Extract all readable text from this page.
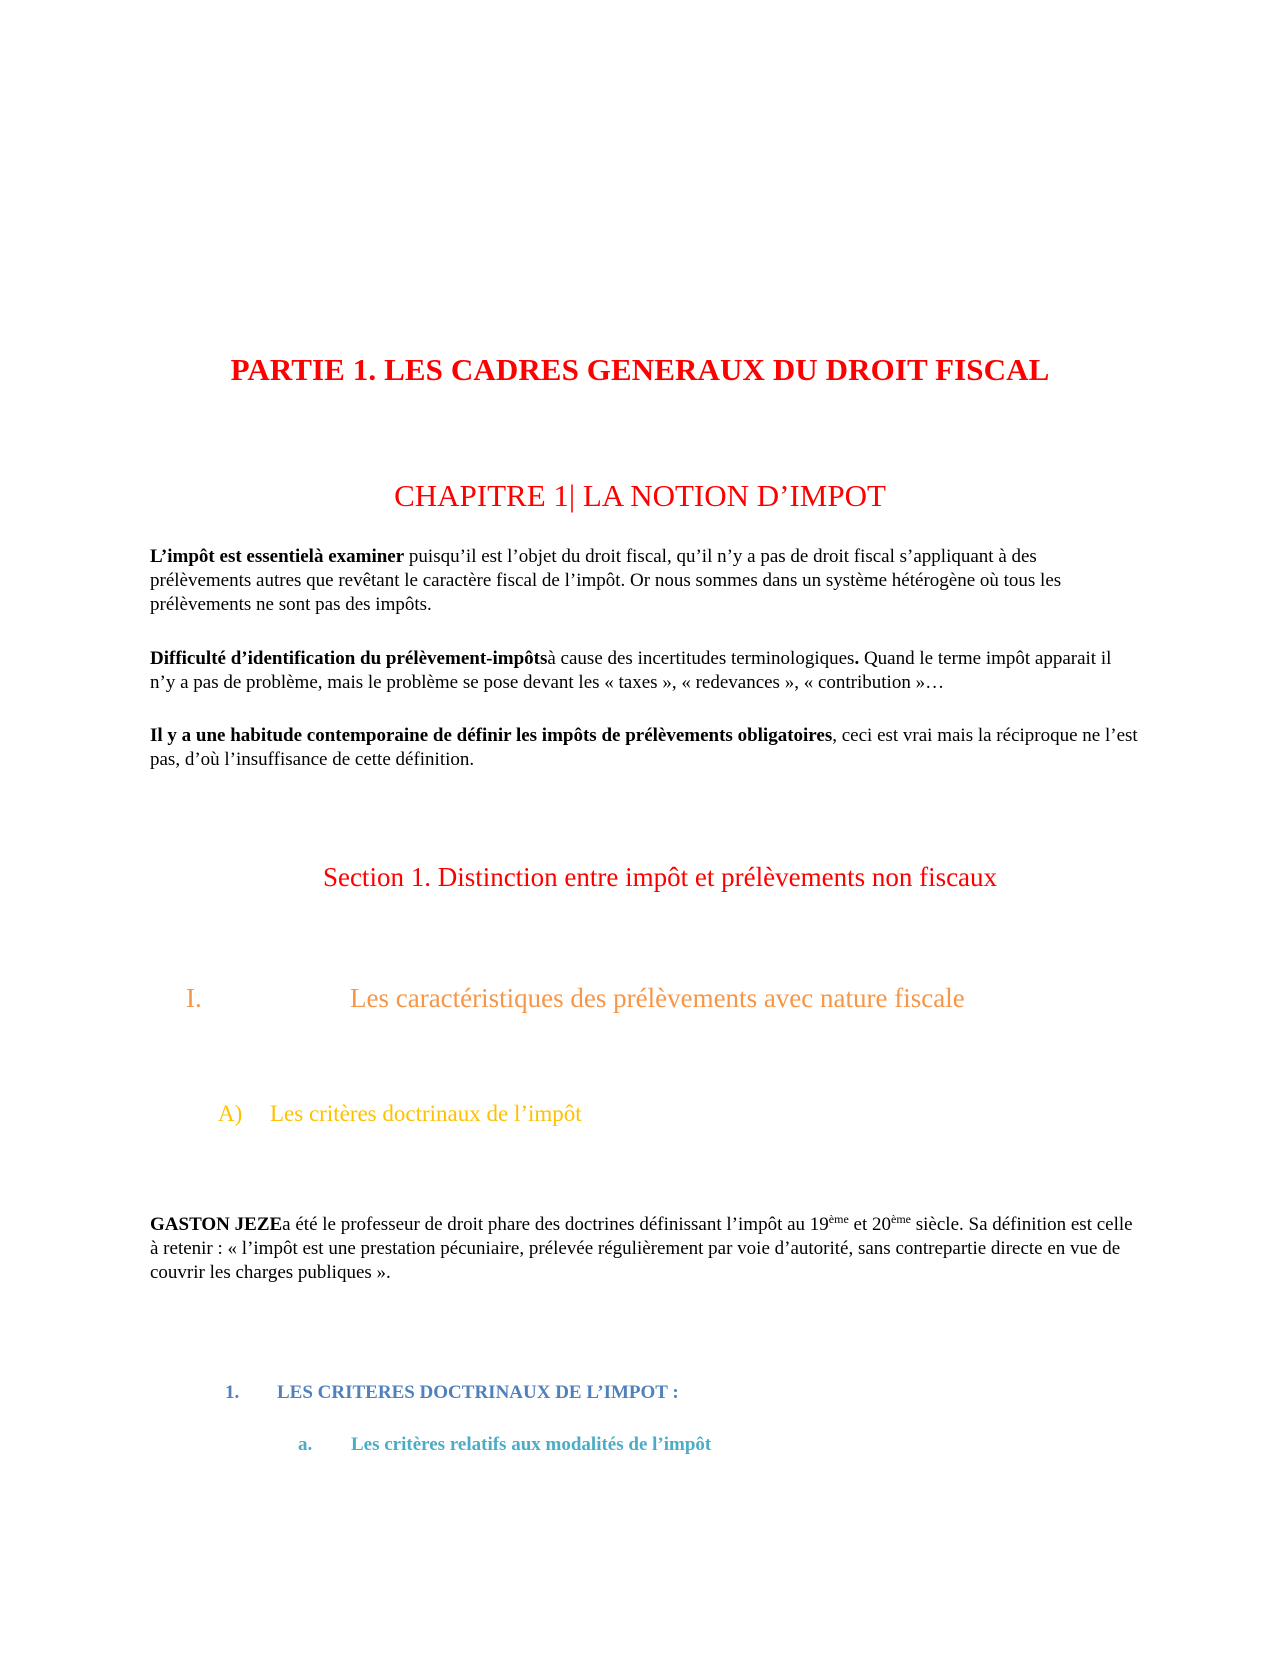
PARTIE 1. LES CADRES GENERAUX DU DROIT FISCAL
CHAPITRE 1| LA NOTION D’IMPOT

L’impôt est essentielà examiner puisqu’il est l’objet du droit fiscal, qu’il n’y a pas de droit fiscal s’appliquant à des prélèvements autres que revêtant le caractère fiscal de l’impôt. Or nous sommes dans un système hétérogène où tous les prélèvements ne sont pas des impôts.

Difficulté d’identification du prélèvement-impôtsà cause des incertitudes terminologiques. Quand le terme impôt apparait il n’y a pas de problème, mais le problème se pose devant les « taxes », « redevances », « contribution »…

Il y a une habitude contemporaine de définir les impôts de prélèvements obligatoires, ceci est vrai mais la réciproque ne l’est pas, d’où l’insuffisance de cette définition.

Section 1. Distinction entre impôt et prélèvements non fiscaux
I.	Les caractéristiques des prélèvements avec nature fiscale
A) Les critères doctrinaux de l’impôt

GASTON JEZEa été le professeur de droit phare des doctrines définissant l’impôt au 19ème et 20ème siècle. Sa définition est celle à retenir : « l’impôt est une prestation pécuniaire, prélevée régulièrement par voie d’autorité, sans contrepartie directe en vue de couvrir les charges publiques ».

1. LES CRITERES DOCTRINAUX DE L’IMPOT :
a. Les critères relatifs aux modalités de l’impôt
